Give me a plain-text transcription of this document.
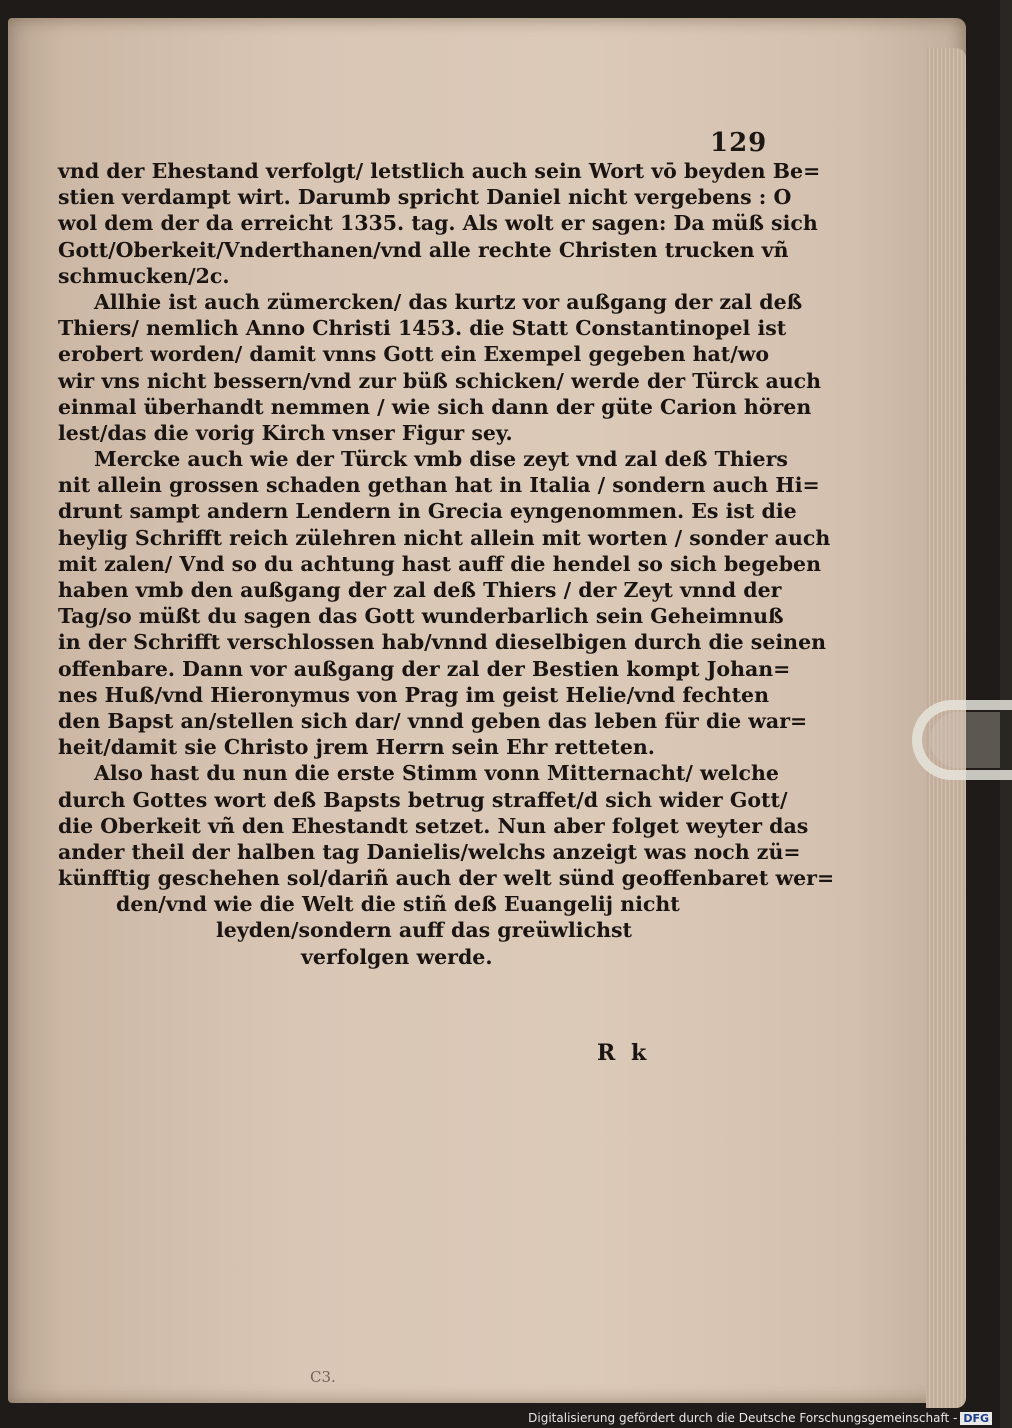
129
vnd der Ehestand verfolgt/ letstlich auch sein Wort vō beyden Be=
stien verdampt wirt. Darumb spricht Daniel nicht vergebens : O
wol dem der da erreicht 1335. tag. Als wolt er sagen: Da müß sich
Gott/Oberkeit/Vnderthanen/vnd alle rechte Christen trucken vñ
schmucken/2c.
Allhie ist auch zümercken/ das kurtz vor außgang der zal deß
Thiers/ nemlich Anno Christi 1453. die Statt Constantinopel ist
erobert worden/ damit vnns Gott ein Exempel gegeben hat/wo
wir vns nicht bessern/vnd zur büß schicken/ werde der Türck auch
einmal überhandt nemmen / wie sich dann der güte Carion hören
lest/das die vorig Kirch vnser Figur sey.
Mercke auch wie der Türck vmb dise zeyt vnd zal deß Thiers
nit allein grossen schaden gethan hat in Italia / sondern auch Hi=
drunt sampt andern Lendern in Grecia eyngenommen. Es ist die
heylig Schrifft reich zülehren nicht allein mit worten / sonder auch
mit zalen/ Vnd so du achtung hast auff die hendel so sich begeben
haben vmb den außgang der zal deß Thiers / der Zeyt vnnd der
Tag/so müßt du sagen das Gott wunderbarlich sein Geheimnuß
in der Schrifft verschlossen hab/vnnd dieselbigen durch die seinen
offenbare. Dann vor außgang der zal der Bestien kompt Johan=
nes Huß/vnd Hieronymus von Prag im geist Helie/vnd fechten
den Bapst an/stellen sich dar/ vnnd geben das leben für die war=
heit/damit sie Christo jrem Herrn sein Ehr retteten.
Also hast du nun die erste Stimm vonn Mitternacht/ welche
durch Gottes wort deß Bapsts betrug straffet/d sich wider Gott/
die Oberkeit vñ den Ehestandt setzet. Nun aber folget weyter das
ander theil der halben tag Danielis/welchs anzeigt was noch zü=
künfftig geschehen sol/dariñ auch der welt sünd geoffenbaret wer=
den/vnd wie die Welt die stiñ deß Euangelij nicht
leyden/sondern auff das greüwlichst
verfolgen werde.
R k
C3.
Digitalisierung gefördert durch die Deutsche Forschungsgemeinschaft - DFG
